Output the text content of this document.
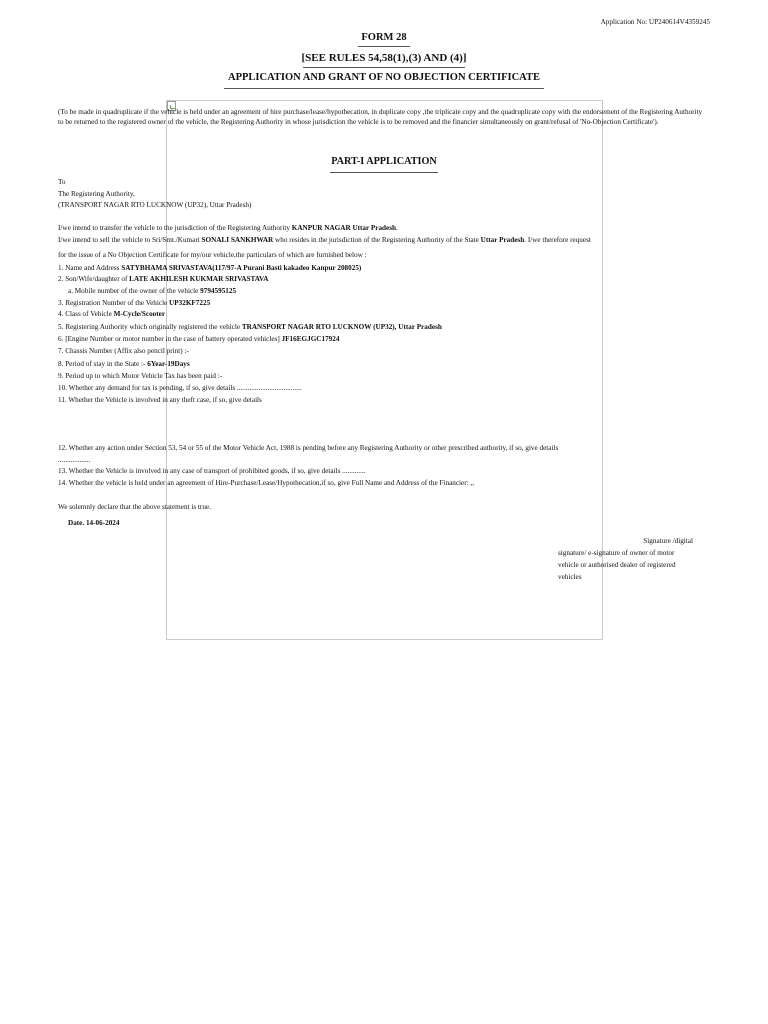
Application No: UP240614V4359245
FORM 28
[SEE RULES 54,58(1),(3) AND (4)]
APPLICATION AND GRANT OF NO OBJECTION CERTIFICATE
(To be made in quadruplicate if the vehicle is held under an agreement of hire purchase/lease/hypothecation, in duplicate copy ,the triplicate copy and the quadruplicate copy with the endorsement of the Registering Authority to be returned to the registered owner of the vehicle, the Registering Authority in whose jurisdiction the vehicle is to be removed and the financier simultaneously on grant/refusal of 'No-Objection Certificate').
PART-I APPLICATION
To
The Registering Authority,
(TRANSPORT NAGAR RTO LUCKNOW (UP32), Uttar Pradesh)
I/we intend to transfer the vehicle to the jurisdiction of the Registering Authority KANPUR NAGAR Uttar Pradesh.
I/we intend to sell the vehicle to Sri/Smt./Kumari SONALI SANKHWAR who resides in the jurisdiction of the Registering Authority of the State Uttar Pradesh. I/we therefore request
for the issue of a No Objection Certificate for my/our vehicle,the particulars of which are furnished below :
1. Name and Address SATYBHAMA SRIVASTAVA(117/97-A Purani Basti kakadeo Kanpur 208025)
2. Son/Wife/daughter of LATE AKHILESH KUKMAR SRIVASTAVA
a. Mobile number of the owner of the vehicle 9794595125
3. Registration Number of the Vehicle UP32KF7225
4. Class of Vehicle M-Cycle/Scooter
5. Registering Authority which originally registered the vehicle TRANSPORT NAGAR RTO LUCKNOW (UP32), Uttar Pradesh
6. [Engine Number or motor number in the case of battery operated vehicles] JF16EGJGC17924
7. Chassis Number (Affix also pencil print) :-
8. Period of stay in the State :- 6Year-19Days
9. Period up to which Motor Vehicle Tax has been paid :-
10. Whether any demand for tax is pending, if so, give details ....................................
11. Whether the Vehicle is involved in any theft case, if so, give details
12. Whether any action under Section 53, 54 or 55 of the Motor Vehicle Act, 1988 is pending before any Registering Authority or other prescribed authority, if so, give details
..................
13. Whether the Vehicle is involved in any case of transport of prohibited goods, if so, give details .............
14. Whether the vehicle is held under an agreement of Hire-Purchase/Lease/Hypothecation,if so, give Full Name and Address of the Financier: ,,
We solemnly declare that the above statement is true.
Date. 14-06-2024
Signature /digital
signature/ e-signature of owner of motor
vehicle or authorised dealer of registered
vehicles
